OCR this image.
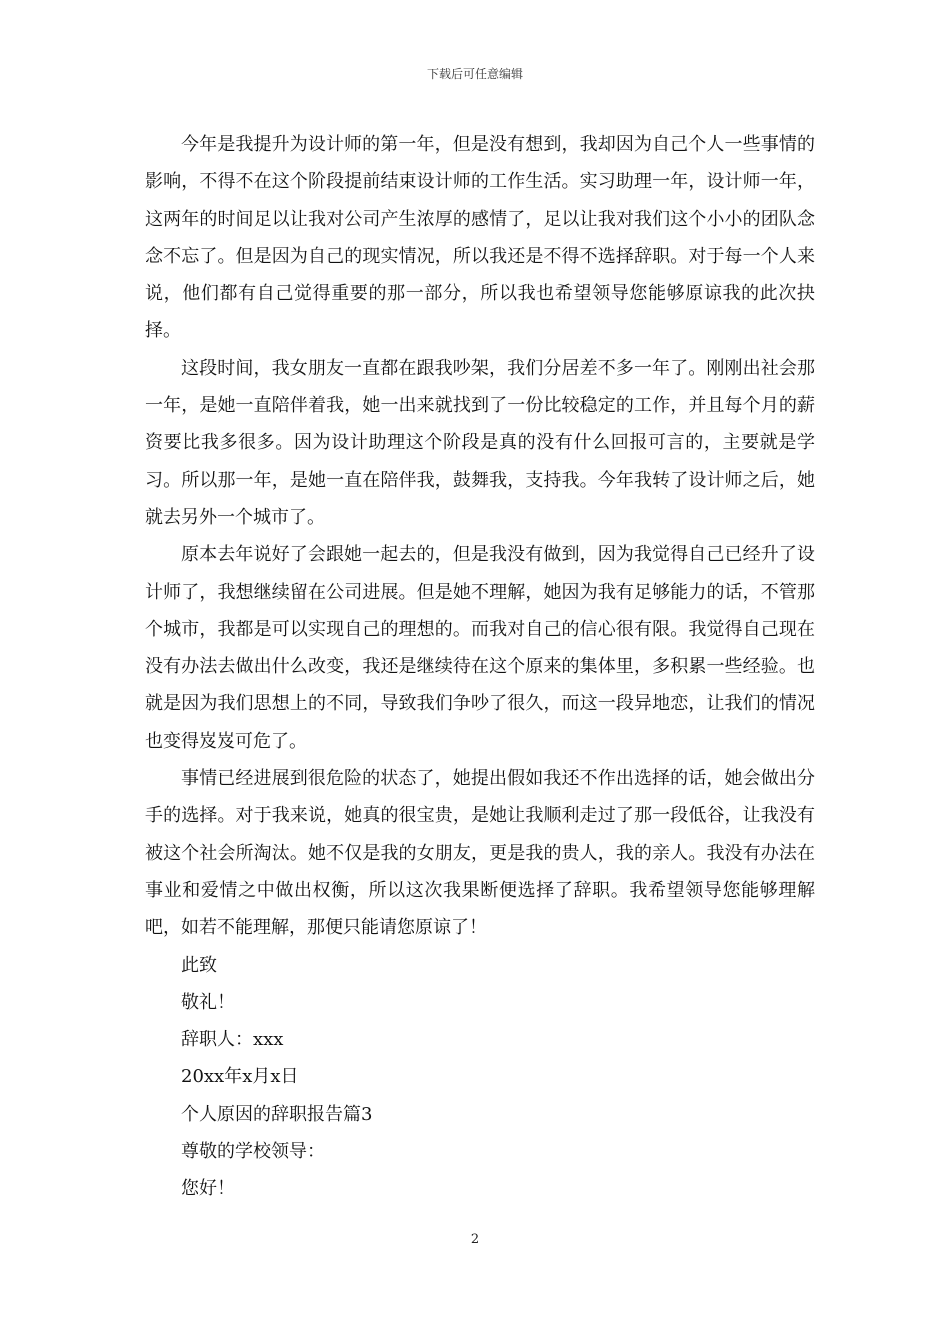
下载后可任意编辑

今年是我提升为设计师的第一年，但是没有想到，我却因为自己个人一些事情的影响，不得不在这个阶段提前结束设计师的工作生活。实习助理一年，设计师一年，这两年的时间足以让我对公司产生浓厚的感情了，足以让我对我们这个小小的团队念念不忘了。但是因为自己的现实情况，所以我还是不得不选择辞职。对于每一个人来说，他们都有自己觉得重要的那一部分，所以我也希望领导您能够原谅我的此次抉择。

这段时间，我女朋友一直都在跟我吵架，我们分居差不多一年了。刚刚出社会那一年，是她一直陪伴着我，她一出来就找到了一份比较稳定的工作，并且每个月的薪资要比我多很多。因为设计助理这个阶段是真的没有什么回报可言的，主要就是学习。所以那一年，是她一直在陪伴我，鼓舞我，支持我。今年我转了设计师之后，她就去另外一个城市了。

原本去年说好了会跟她一起去的，但是我没有做到，因为我觉得自己已经升了设计师了，我想继续留在公司进展。但是她不理解，她因为我有足够能力的话，不管那个城市，我都是可以实现自己的理想的。而我对自己的信心很有限。我觉得自己现在没有办法去做出什么改变，我还是继续待在这个原来的集体里，多积累一些经验。也就是因为我们思想上的不同，导致我们争吵了很久，而这一段异地恋，让我们的情况也变得岌岌可危了。

事情已经进展到很危险的状态了，她提出假如我还不作出选择的话，她会做出分手的选择。对于我来说，她真的很宝贵，是她让我顺利走过了那一段低谷，让我没有被这个社会所淘汰。她不仅是我的女朋友，更是我的贵人，我的亲人。我没有办法在事业和爱情之中做出权衡，所以这次我果断便选择了辞职。我希望领导您能够理解吧，如若不能理解，那便只能请您原谅了！

此致

敬礼！

辞职人：xxx

20xx年x月x日

个人原因的辞职报告篇3

尊敬的学校领导：

您好！

2
